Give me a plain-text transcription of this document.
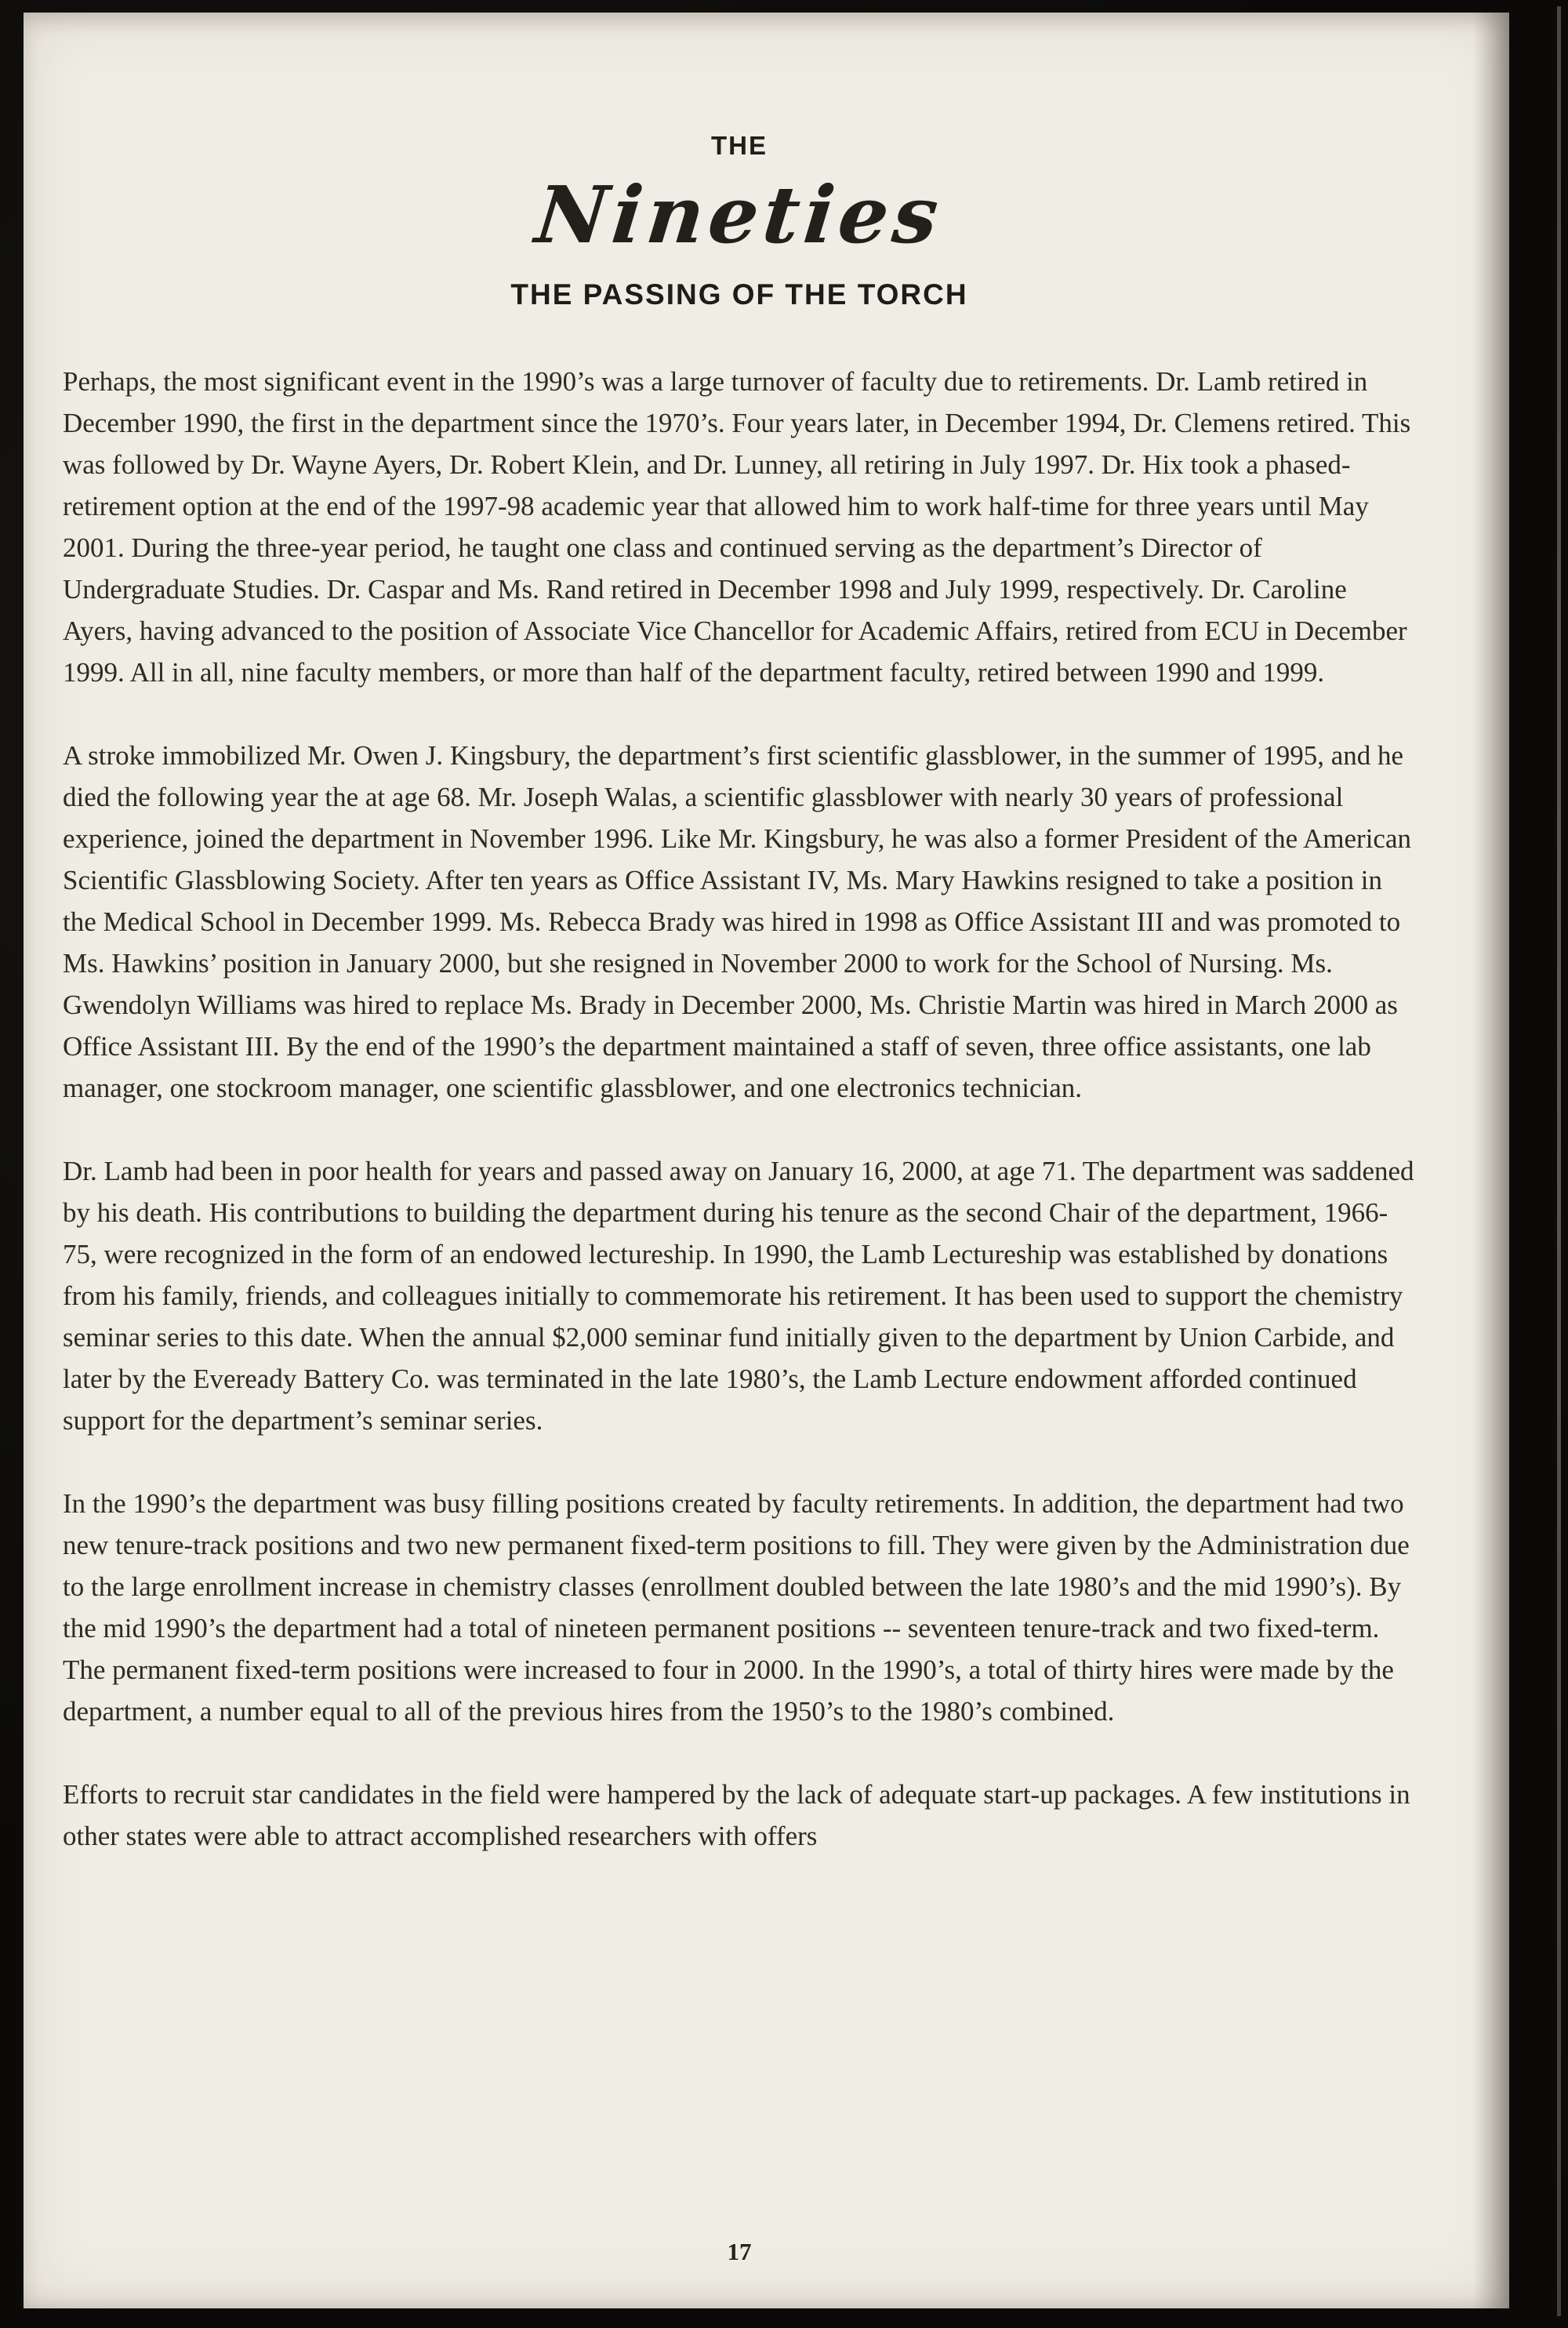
THE
Nineties
THE PASSING OF THE TORCH

Perhaps, the most significant event in the 1990’s was a large turnover of faculty due to retirements. Dr. Lamb retired in December 1990, the first in the department since the 1970’s. Four years later, in December 1994, Dr. Clemens retired. This was followed by Dr. Wayne Ayers, Dr. Robert Klein, and Dr. Lunney, all retiring in July 1997. Dr. Hix took a phased-retirement option at the end of the 1997-98 academic year that allowed him to work half-time for three years until May 2001. During the three-year period, he taught one class and continued serving as the department’s Director of Undergraduate Studies. Dr. Caspar and Ms. Rand retired in December 1998 and July 1999, respectively. Dr. Caroline Ayers, having advanced to the position of Associate Vice Chancellor for Academic Affairs, retired from ECU in December 1999. All in all, nine faculty members, or more than half of the department faculty, retired between 1990 and 1999.

A stroke immobilized Mr. Owen J. Kingsbury, the department’s first scientific glassblower, in the summer of 1995, and he died the following year the at age 68. Mr. Joseph Walas, a scientific glassblower with nearly 30 years of professional experience, joined the department in November 1996. Like Mr. Kingsbury, he was also a former President of the American Scientific Glassblowing Society. After ten years as Office Assistant IV, Ms. Mary Hawkins resigned to take a position in the Medical School in December 1999. Ms. Rebecca Brady was hired in 1998 as Office Assistant III and was promoted to Ms. Hawkins’ position in January 2000, but she resigned in November 2000 to work for the School of Nursing. Ms. Gwendolyn Williams was hired to replace Ms. Brady in December 2000, Ms. Christie Martin was hired in March 2000 as Office Assistant III. By the end of the 1990’s the department maintained a staff of seven, three office assistants, one lab manager, one stockroom manager, one scientific glassblower, and one electronics technician.

Dr. Lamb had been in poor health for years and passed away on January 16, 2000, at age 71. The department was saddened by his death. His contributions to building the department during his tenure as the second Chair of the department, 1966-75, were recognized in the form of an endowed lectureship. In 1990, the Lamb Lectureship was established by donations from his family, friends, and colleagues initially to commemorate his retirement. It has been used to support the chemistry seminar series to this date. When the annual $2,000 seminar fund initially given to the department by Union Carbide, and later by the Eveready Battery Co. was terminated in the late 1980’s, the Lamb Lecture endowment afforded continued support for the department’s seminar series.

In the 1990’s the department was busy filling positions created by faculty retirements. In addition, the department had two new tenure-track positions and two new permanent fixed-term positions to fill. They were given by the Administration due to the large enrollment increase in chemistry classes (enrollment doubled between the late 1980’s and the mid 1990’s). By the mid 1990’s the department had a total of nineteen permanent positions -- seventeen tenure-track and two fixed-term. The permanent fixed-term positions were increased to four in 2000. In the 1990’s, a total of thirty hires were made by the department, a number equal to all of the previous hires from the 1950’s to the 1980’s combined.

Efforts to recruit star candidates in the field were hampered by the lack of adequate start-up packages. A few institutions in other states were able to attract accomplished researchers with offers

17
